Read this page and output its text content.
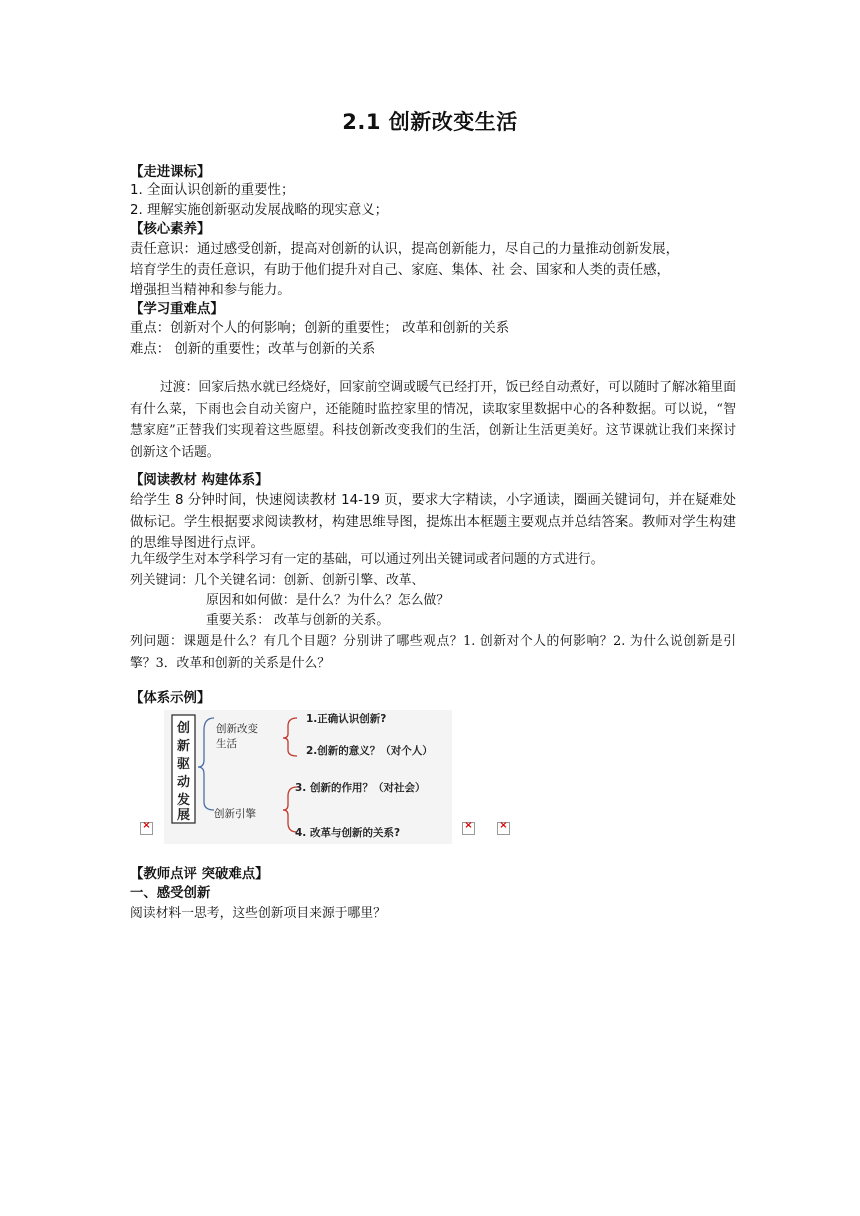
2.1 创新改变生活
【走进课标】
1. 全面认识创新的重要性；
2. 理解实施创新驱动发展战略的现实意义；
【核心素养】
责任意识：通过感受创新，提高对创新的认识，提高创新能力，尽自己的力量推动创新发展，
培育学生的责任意识，有助于他们提升对自己、家庭、集体、社 会、国家和人类的责任感，
增强担当精神和参与能力。
【学习重难点】
重点：创新对个人的何影响；创新的重要性； 改革和创新的关系
难点： 创新的重要性；改革与创新的关系
过渡：回家后热水就已经烧好，回家前空调或暖气已经打开，饭已经自动煮好，可以随时了解冰箱里面有什么菜，下雨也会自动关窗户，还能随时监控家里的情况，读取家里数据中心的各种数据。可以说，“智慧家庭”正替我们实现着这些愿望。科技创新改变我们的生活，创新让生活更美好。这节课就让我们来探讨创新这个话题。
【阅读教材 构建体系】
给学生 8 分钟时间，快速阅读教材 14-19 页，要求大字精读，小字通读，圈画关键词句，并在疑难处做标记。学生根据要求阅读教材，构建思维导图，提炼出本框题主要观点并总结答案。教师对学生构建的思维导图进行点评。
九年级学生对本学科学习有一定的基础，可以通过列出关键词或者问题的方式进行。
列关键词：几个关键名词：创新、创新引擎、改革、
原因和如何做：是什么？为什么？怎么做？
重要关系： 改革与创新的关系。
列问题：课题是什么？有几个目题？分别讲了哪些观点？1. 创新对个人的何影响？2. 为什么说创新是引擎？3．改革和创新的关系是什么？
【体系示例】
创
新
驱
动
发
展
创新改变
生活
创新引擎
1.正确认识创新?
2.创新的意义？（对个人）
3. 创新的作用？（对社会）
4. 改革与创新的关系?
×	×	×
【教师点评 突破难点】
一、感受创新
阅读材料一思考，这些创新项目来源于哪里？
